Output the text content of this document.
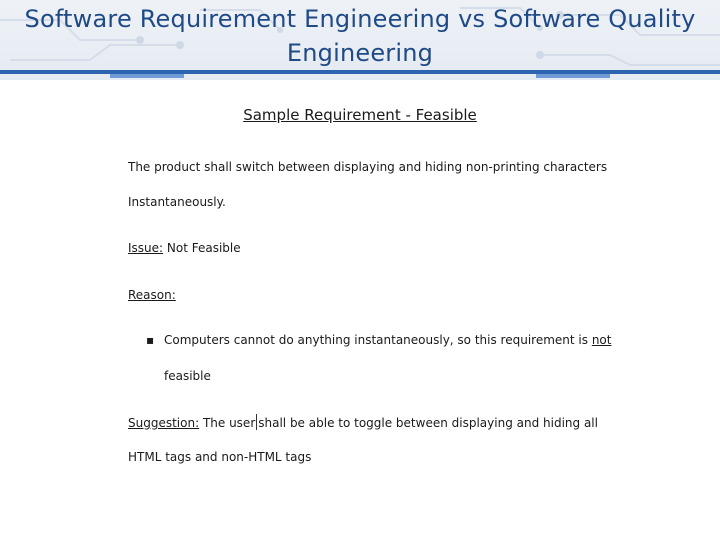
Software Requirement Engineering vs Software Quality Engineering
Sample Requirement - Feasible
The product shall switch between displaying and hiding non-printing characters
Instantaneously.
Issue: Not Feasible
Reason:
▪ Computers cannot do anything instantaneously, so this requirement is not
feasible
Suggestion: The user shall be able to toggle between displaying and hiding all
HTML tags and non-HTML tags
